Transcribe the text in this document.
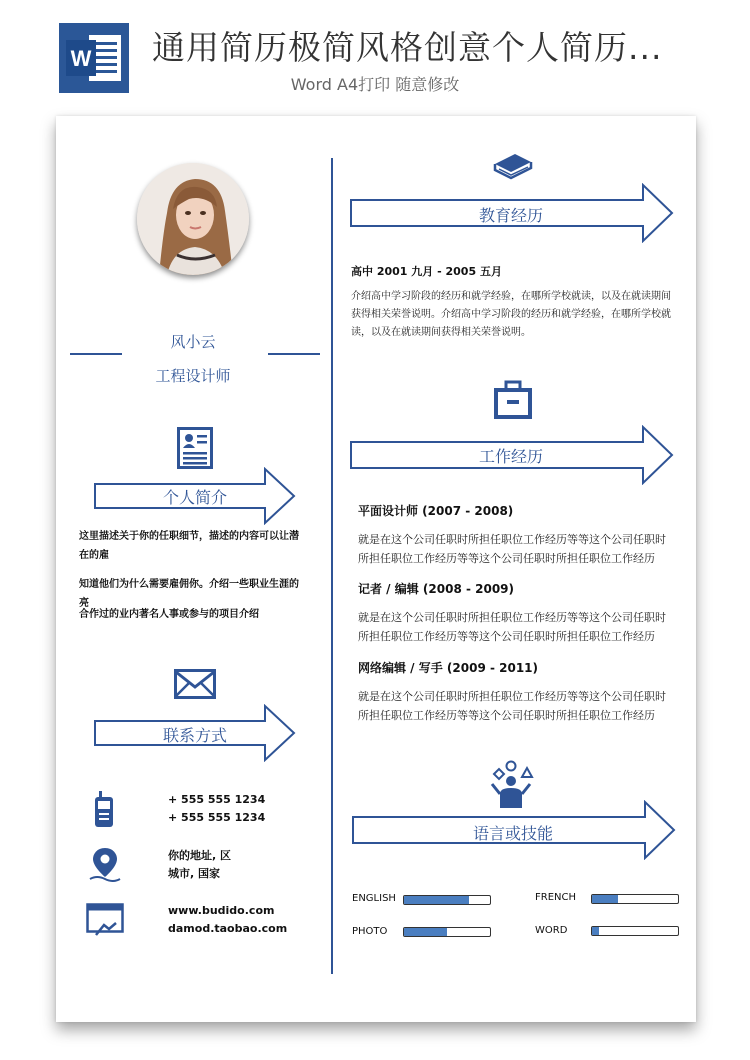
W 通用简历极简风格创意个人简历...
Word A4打印 随意修改
风小云
工程设计师
个人简介
这里描述关于你的任职细节，描述的内容可以让潜在的雇
知道他们为什么需要雇佣你。介绍一些职业生涯的亮
合作过的业内著名人事或参与的项目介绍
联系方式
+ 555 555 1234
+ 555 555 1234
你的地址, 区
城市, 国家
www.budido.com
damod.taobao.com
教育经历
高中 2001 九月 - 2005 五月
介绍高中学习阶段的经历和就学经验，在哪所学校就读，以及在就读期间获得相关荣誉说明。介绍高中学习阶段的经历和就学经验，在哪所学校就读，以及在就读期间获得相关荣誉说明。
工作经历
平面设计师 (2007 - 2008)
就是在这个公司任职时所担任职位工作经历等等这个公司任职时所担任职位工作经历等等这个公司任职时所担任职位工作经历
记者 / 编辑 (2008 - 2009)
就是在这个公司任职时所担任职位工作经历等等这个公司任职时所担任职位工作经历等等这个公司任职时所担任职位工作经历
网络编辑 / 写手 (2009 - 2011)
就是在这个公司任职时所担任职位工作经历等等这个公司任职时所担任职位工作经历等等这个公司任职时所担任职位工作经历
语言或技能
ENGLISH	FRENCH
PHOTO	WORD
